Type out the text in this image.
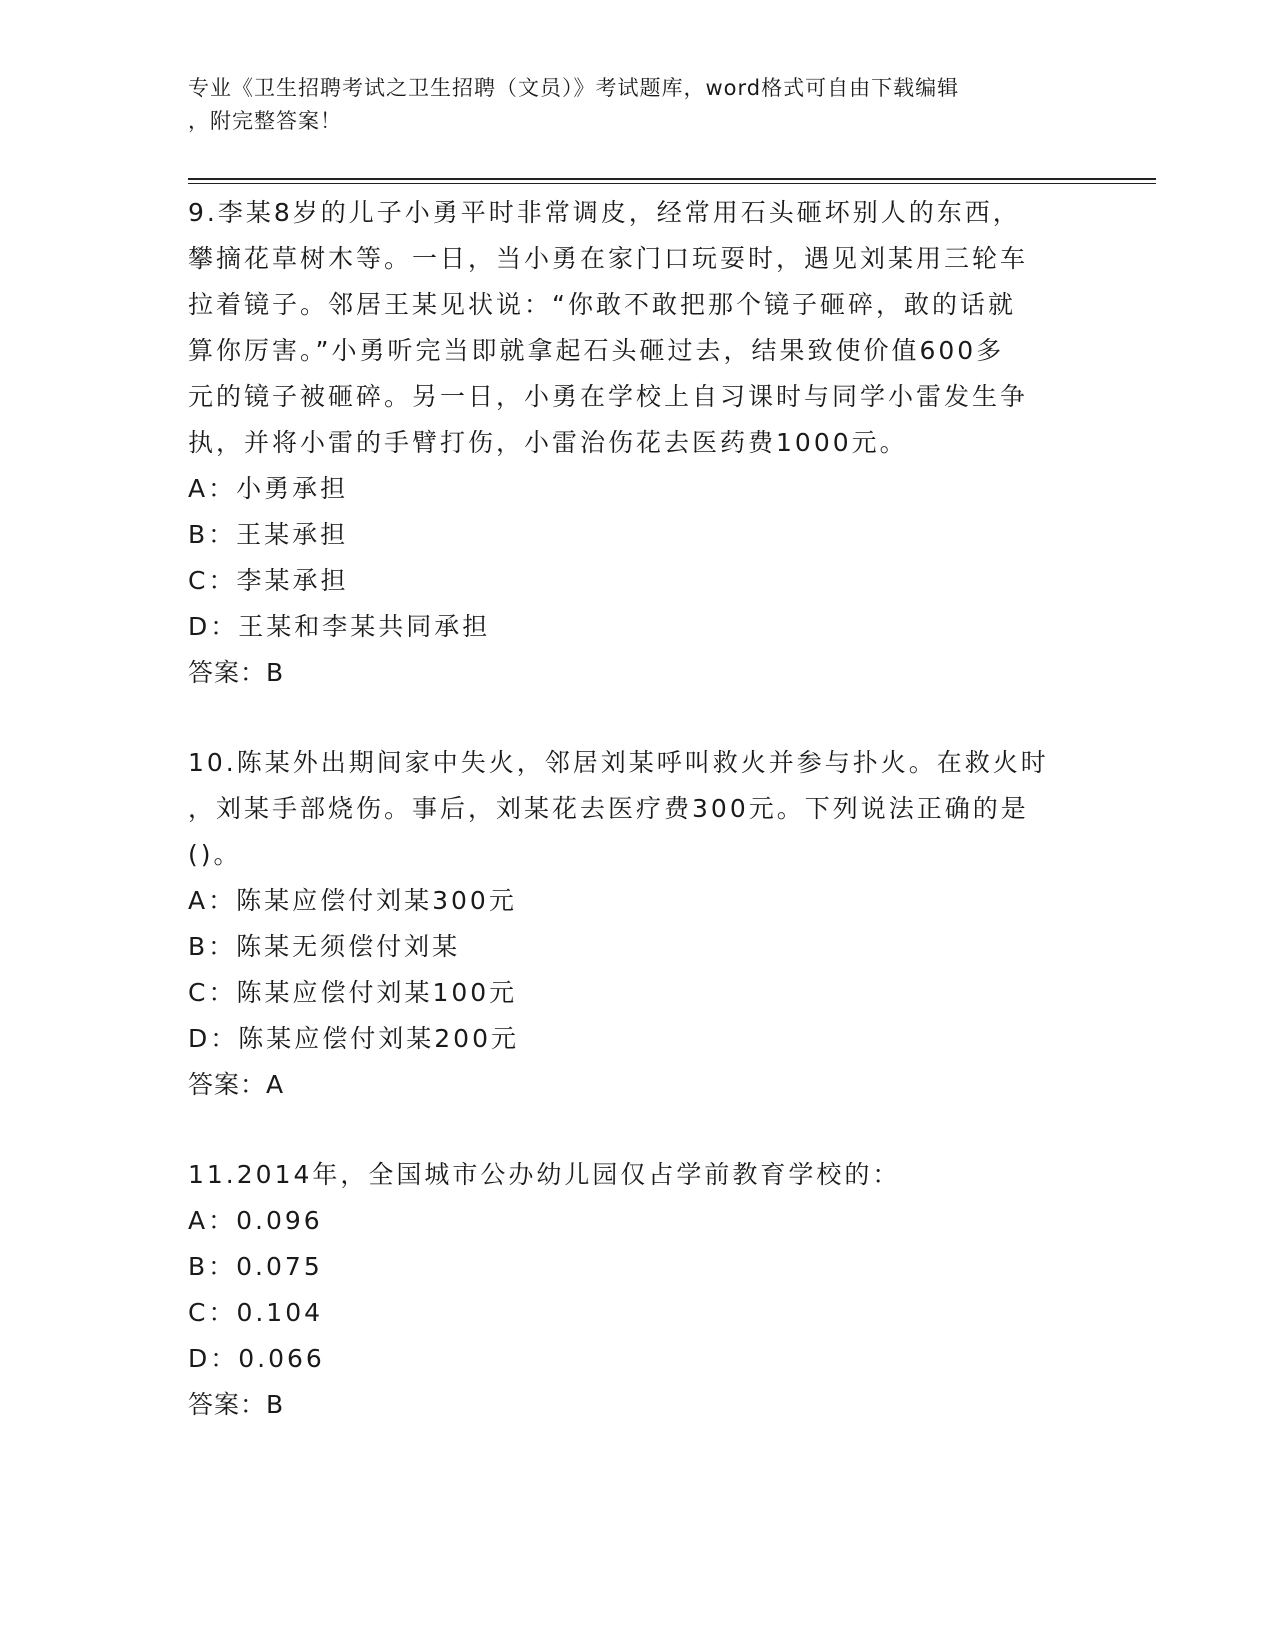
专业《卫生招聘考试之卫生招聘（文员）》考试题库，word格式可自由下载编辑
，附完整答案！

9.李某8岁的儿子小勇平时非常调皮，经常用石头砸坏别人的东西，

攀摘花草树木等。一日，当小勇在家门口玩耍时，遇见刘某用三轮车

拉着镜子。邻居王某见状说：“你敢不敢把那个镜子砸碎，敢的话就

算你厉害。”小勇听完当即就拿起石头砸过去，结果致使价值600多

元的镜子被砸碎。另一日，小勇在学校上自习课时与同学小雷发生争

执，并将小雷的手臂打伤，小雷治伤花去医药费1000元。

A：小勇承担

B：王某承担

C：李某承担

D：王某和李某共同承担

答案：B

10.陈某外出期间家中失火，邻居刘某呼叫救火并参与扑火。在救火时

，刘某手部烧伤。事后，刘某花去医疗费300元。下列说法正确的是

()。

A：陈某应偿付刘某300元

B：陈某无须偿付刘某

C：陈某应偿付刘某100元

D：陈某应偿付刘某200元

答案：A

11.2014年，全国城市公办幼儿园仅占学前教育学校的：

A：0.096

B：0.075

C：0.104

D：0.066

答案：B
